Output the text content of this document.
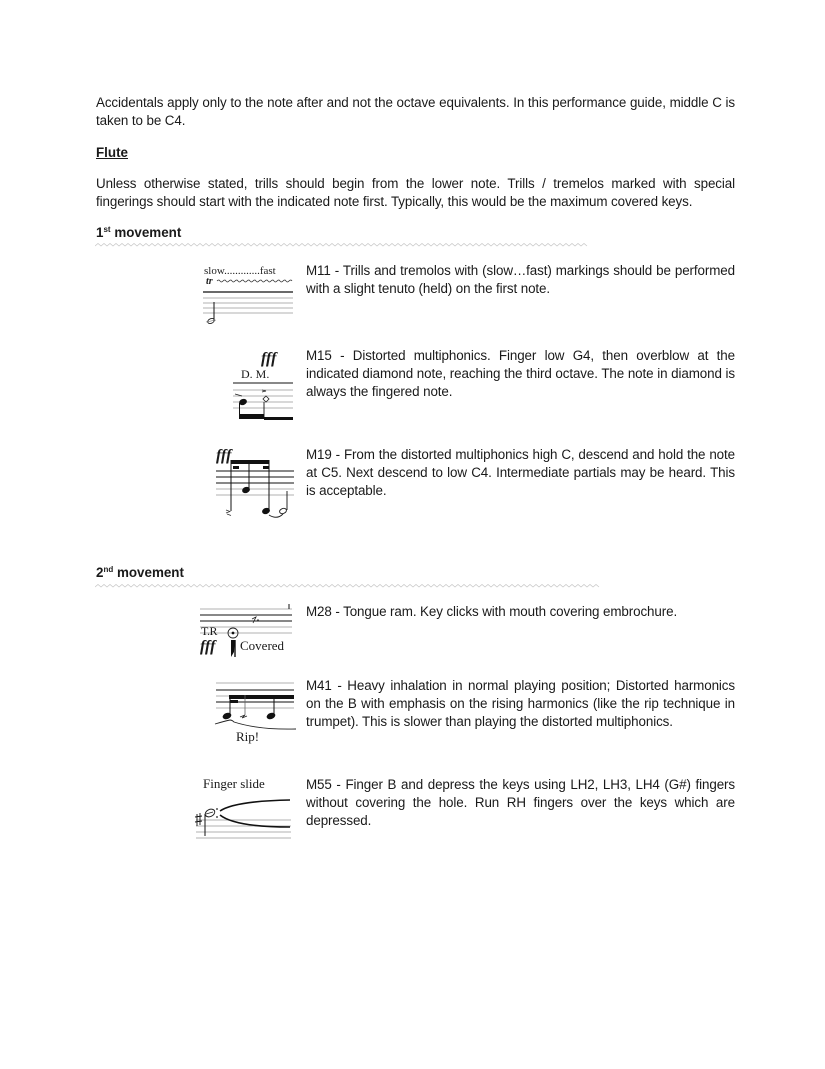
Accidentals apply only to the note after and not the octave equivalents. In this performance guide, middle C is taken to be C4.

Flute

Unless otherwise stated, trills should begin from the lower note. Trills / tremelos marked with special fingerings should start with the indicated note first. Typically, this would be the maximum covered keys.

1st movement

slow.............fast
tr

M11 - Trills and tremolos with (slow…fast) markings should be performed with a slight tenuto (held) on the first note.

fff
D. M.

M15 - Distorted multiphonics. Finger low G4, then overblow at the indicated diamond note, reaching the third octave. The note in diamond is always the fingered note.

fff	M19 - From the distorted multiphonics high C, descend and hold the note at C5. Next descend to low C4. Intermediate partials may be heard. This is acceptable.

2nd movement

T.R
fff Covered

M28 - Tongue ram. Key clicks with mouth covering embrochure.

Rip!

M41 - Heavy inhalation in normal playing position; Distorted harmonics on the B with emphasis on the rising harmonics (like the rip technique in trumpet). This is slower than playing the distorted multiphonics.

Finger slide	M55 - Finger B and depress the keys using LH2, LH3, LH4 (G#) fingers without covering the hole. Run RH fingers over the keys which are depressed.
